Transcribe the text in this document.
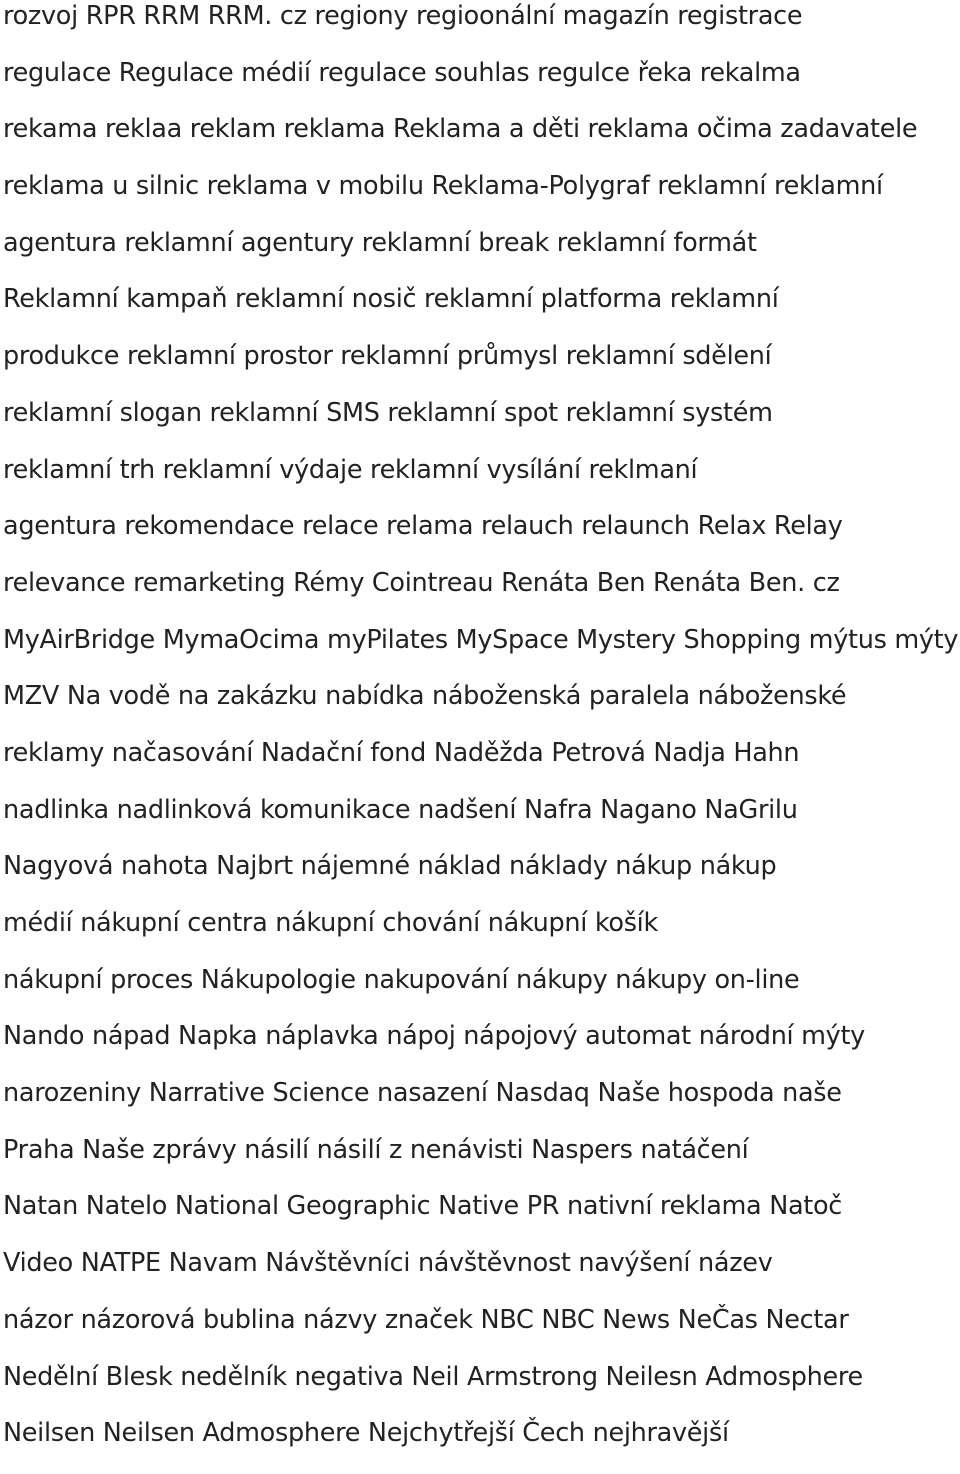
rozvoj RPR RRM RRM. cz regiony regioonální magazín registrace
regulace Regulace médií regulace souhlas regulce řeka rekalma
rekama reklaa reklam reklama Reklama a děti reklama očima zadavatele
reklama u silnic reklama v mobilu Reklama-Polygraf reklamní reklamní
agentura reklamní agentury reklamní break reklamní formát
Reklamní kampaň reklamní nosič reklamní platforma reklamní
produkce reklamní prostor reklamní průmysl reklamní sdělení
reklamní slogan reklamní SMS reklamní spot reklamní systém
reklamní trh reklamní výdaje reklamní vysílání reklmaní
agentura rekomendace relace relama relauch relaunch Relax Relay
relevance remarketing Rémy Cointreau Renáta Ben Renáta Ben. cz
MyAirBridge MymaOcima myPilates MySpace Mystery Shopping mýtus mýty
MZV Na vodě na zakázku nabídka náboženská paralela náboženské
reklamy načasování Nadační fond Naděžda Petrová Nadja Hahn
nadlinka nadlinková komunikace nadšení Nafra Nagano NaGrilu
Nagyová nahota Najbrt nájemné náklad náklady nákup nákup
médií nákupní centra nákupní chování nákupní košík
nákupní proces Nákupologie nakupování nákupy nákupy on-line
Nando nápad Napka náplavka nápoj nápojový automat národní mýty
narozeniny Narrative Science nasazení Nasdaq Naše hospoda naše
Praha Naše zprávy násilí násilí z nenávisti Naspers natáčení
Natan Natelo National Geographic Native PR nativní reklama Natoč
Video NATPE Navam Návštěvníci návštěvnost navýšení název
názor názorová bublina názvy značek NBC NBC News NeČas Nectar
Nedělní Blesk nedělník negativa Neil Armstrong Neilesn Admosphere
Neilsen Neilsen Admosphere Nejchytřejší Čech nejhravější
